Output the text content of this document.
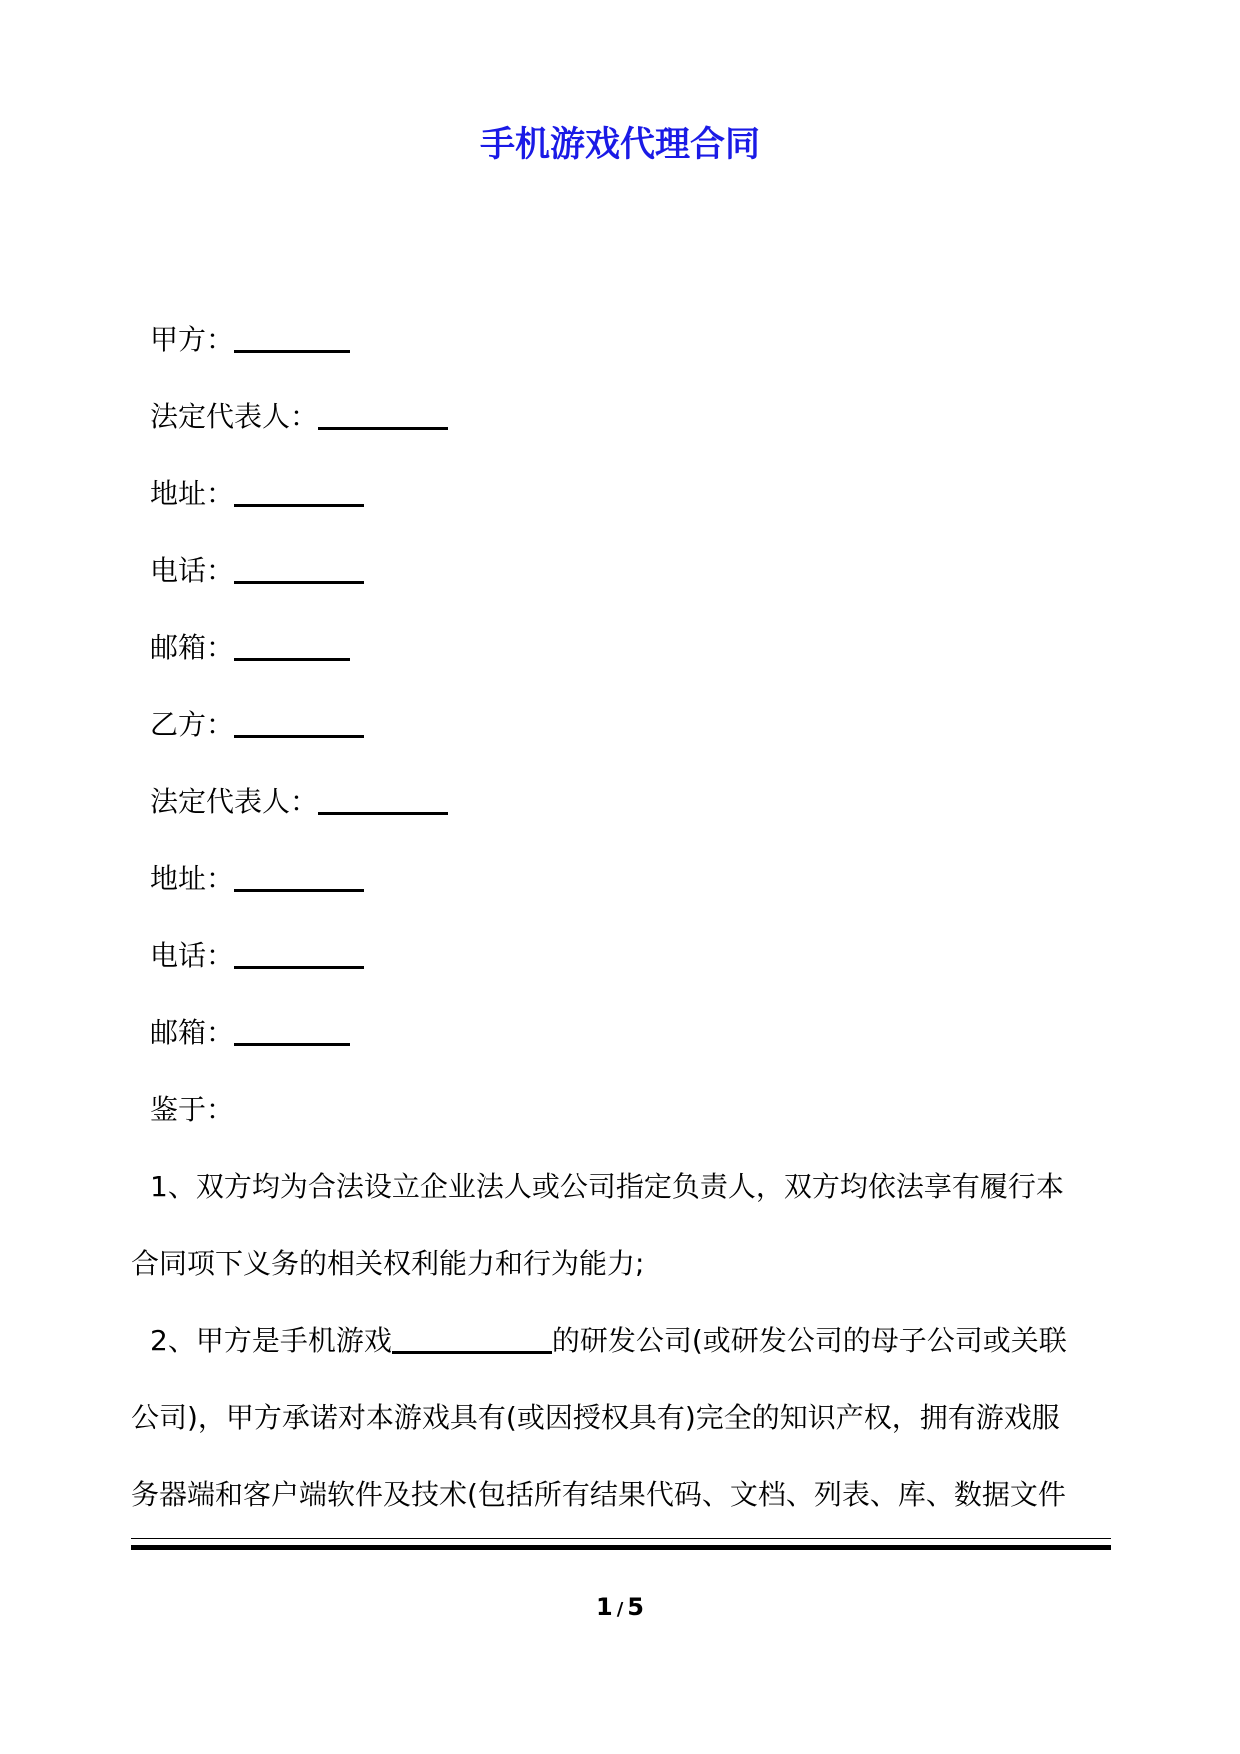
手机游戏代理合同
甲方：
法定代表人：
地址：
电话：
邮箱：
乙方：
法定代表人：
地址：
电话：
邮箱：
鉴于：
1、双方均为合法设立企业法人或公司指定负责人，双方均依法享有履行本
合同项下义务的相关权利能力和行为能力;
2、甲方是手机游戏	的研发公司(或研发公司的母子公司或关联
公司)，甲方承诺对本游戏具有(或因授权具有)完全的知识产权，拥有游戏服
务器端和客户端软件及技术(包括所有结果代码、文档、列表、库、数据文件
1 / 5
